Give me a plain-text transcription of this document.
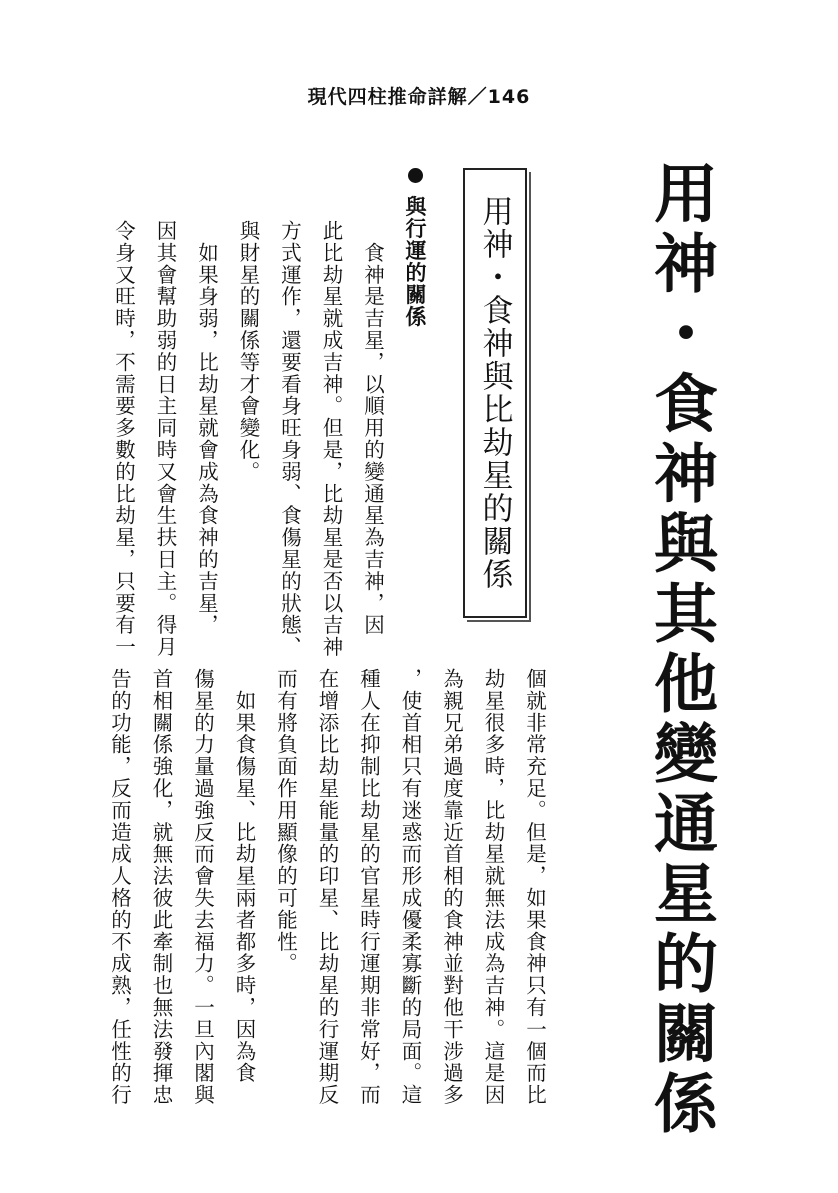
現代四柱推命詳解／146
用神・食神與其他變通星的關係
用神・食神與比劫星的關係
與行運的關係
　食神是吉星，以順用的變通星為吉神，因
此比劫星就成吉神。但是，比劫星是否以吉神
方式運作，還要看身旺身弱、食傷星的狀態、
與財星的關係等才會變化。
　如果身弱，比劫星就會成為食神的吉星，
因其會幫助弱的日主同時又會生扶日主。得月
令身又旺時，不需要多數的比劫星，只要有一
個就非常充足。但是，如果食神只有一個而比
劫星很多時，比劫星就無法成為吉神。這是因
為親兄弟過度靠近首相的食神並對他干涉過多
，使首相只有迷惑而形成優柔寡斷的局面。這
種人在抑制比劫星的官星時行運期非常好，而
在增添比劫星能量的印星、比劫星的行運期反
而有將負面作用顯像的可能性。
　如果食傷星、比劫星兩者都多時，因為食
傷星的力量過強反而會失去福力。一旦內閣與
首相關係強化，就無法彼此牽制也無法發揮忠
告的功能，反而造成人格的不成熟，任性的行
